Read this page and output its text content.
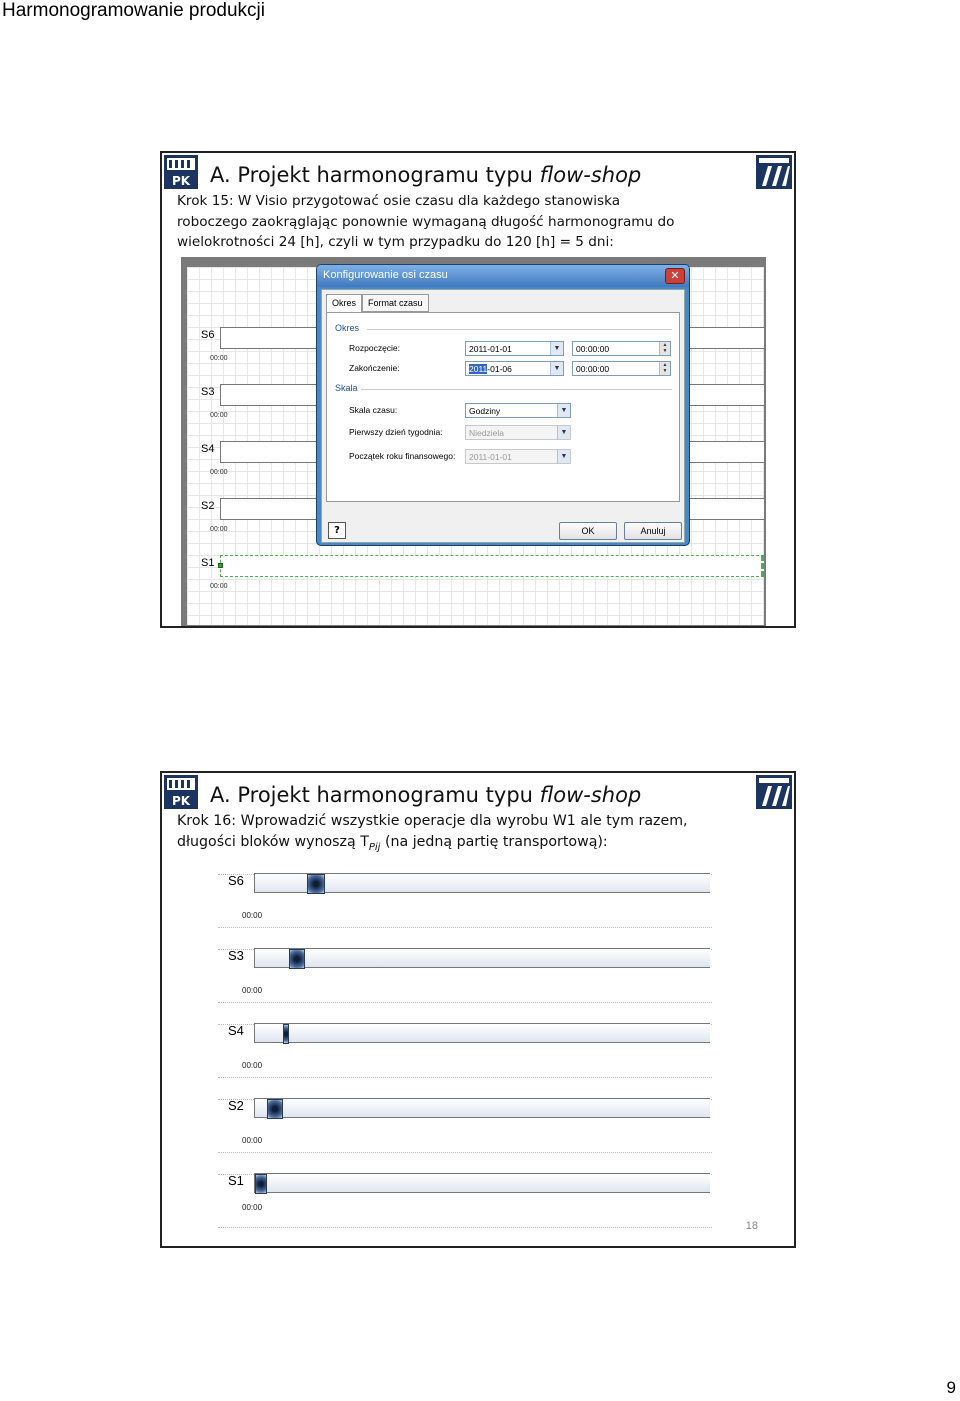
Harmonogramowanie produkcji
PK A. Projekt harmonogramu typu flow-shop
Krok 15: W Visio przygotować osie czasu dla każdego stanowiska
roboczego zaokrąglając ponownie wymaganą długość harmonogramu do
wielokrotności 24 [h], czyli w tym przypadku do 120 [h] = 5 dni:
S6
00:00
S3
00:00
S4
00:00
S2
00:00
S1
00:00
Konfigurowanie osi czasu	✕
Okres	Format czasu
Okres
Rozpoczęcie:	2011-01-01	▼	00:00:00	▲
▼
Zakończenie:	2011-01-06	▼	00:00:00	▲
▼
Skala
Skala czasu:	Godziny	▼
Pierwszy dzień tygodnia:	Niedziela	▼
Początek roku finansowego:	2011-01-01	▼
?	OK	Anuluj
PK A. Projekt harmonogramu typu flow-shop
Krok 16: Wprowadzić wszystkie operacje dla wyrobu W1 ale tym razem,
długości bloków wynoszą $T_{Pij}$ (na jedną partię transportową):
S6
00:00
S3
00:00
S4
00:00
S2
00:00
S1
00:00
18
9
